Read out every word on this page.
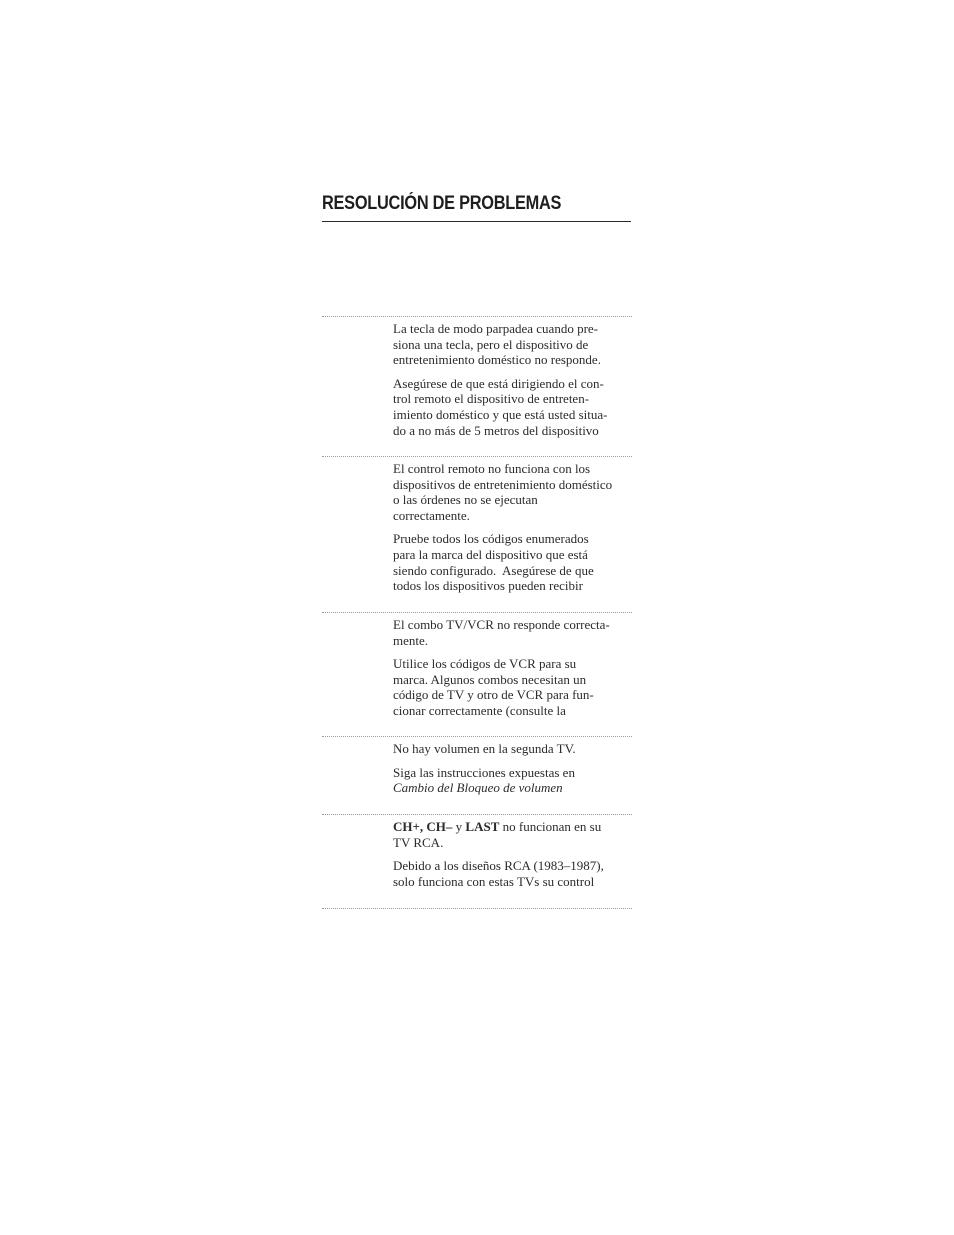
RESOLUCIÓN DE PROBLEMAS

La tecla de modo parpadea cuando pre-
siona una tecla, pero el dispositivo de
entretenimiento doméstico no responde.

Asegúrese de que está dirigiendo el con-
trol remoto el dispositivo de entreten-
imiento doméstico y que está usted situa-
do a no más de 5 metros del dispositivo

El control remoto no funciona con los
dispositivos de entretenimiento doméstico
o las órdenes no se ejecutan
correctamente.

Pruebe todos los códigos enumerados
para la marca del dispositivo que está
siendo configurado.  Asegúrese de que
todos los dispositivos pueden recibir

El combo TV/VCR no responde correcta-
mente.

Utilice los códigos de VCR para su
marca. Algunos combos necesitan un
código de TV y otro de VCR para fun-
cionar correctamente (consulte la

No hay volumen en la segunda TV.

Siga las instrucciones expuestas en
Cambio del Bloqueo de volumen

CH+, CH– y LAST no funcionan en su
TV RCA.

Debido a los diseños RCA (1983–1987),
solo funciona con estas TVs su control
